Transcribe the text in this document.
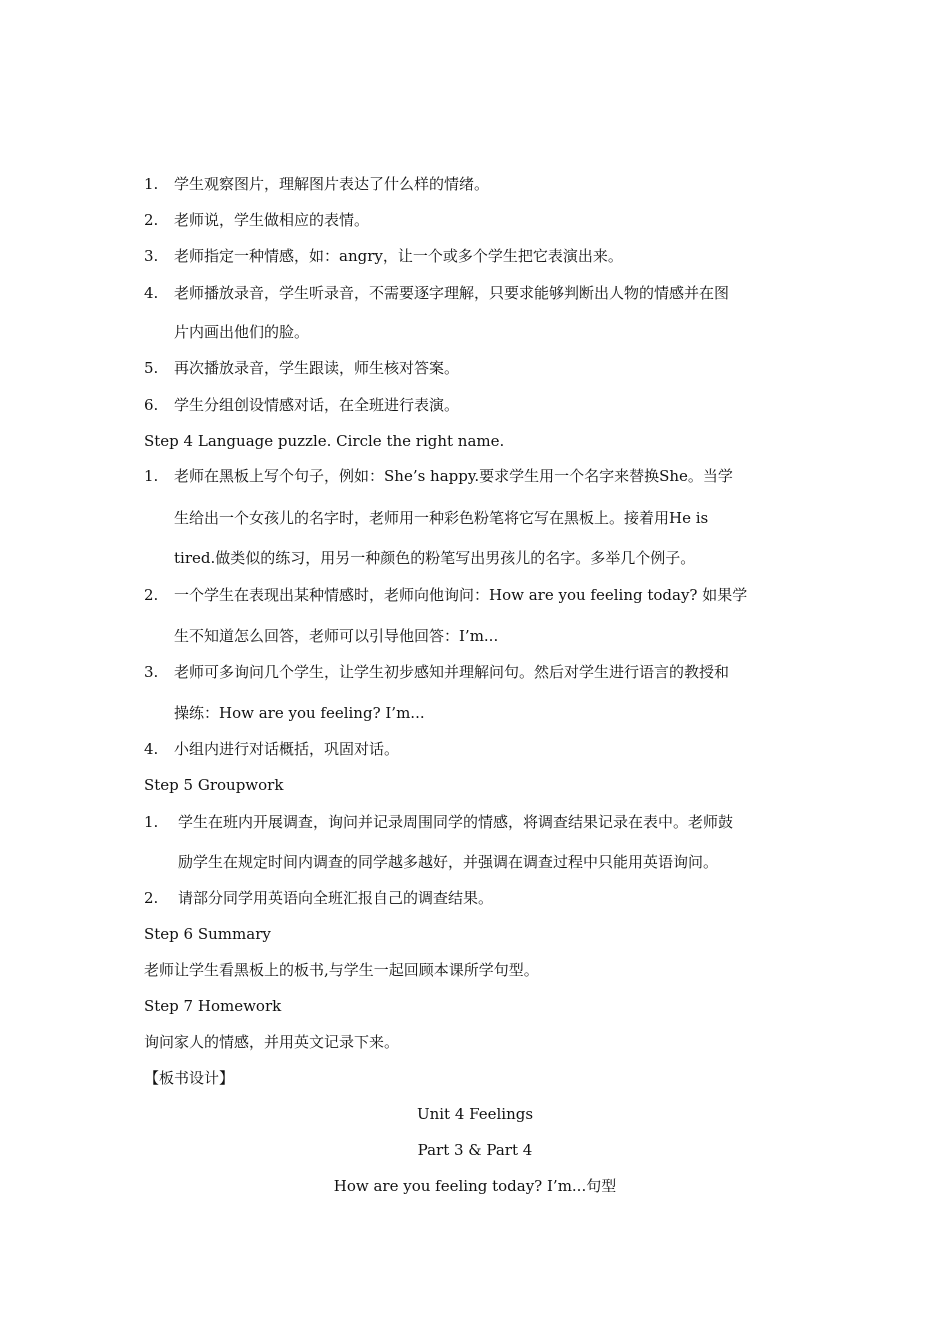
1. 学生观察图片，理解图片表达了什么样的情绪。
2. 老师说，学生做相应的表情。
3. 老师指定一种情感，如：angry，让一个或多个学生把它表演出来。
4. 老师播放录音，学生听录音，不需要逐字理解，只要求能够判断出人物的情感并在图
片内画出他们的脸。
5. 再次播放录音，学生跟读，师生核对答案。
6. 学生分组创设情感对话，在全班进行表演。
Step 4 Language puzzle. Circle the right name.
1. 老师在黑板上写个句子，例如：She’s happy.要求学生用一个名字来替换She。当学
生给出一个女孩儿的名字时，老师用一种彩色粉笔将它写在黑板上。接着用He is
tired.做类似的练习，用另一种颜色的粉笔写出男孩儿的名字。多举几个例子。
2. 一个学生在表现出某种情感时，老师向他询问：How are you feeling today? 如果学
生不知道怎么回答，老师可以引导他回答：I’m...
3. 老师可多询问几个学生，让学生初步感知并理解问句。然后对学生进行语言的教授和
操练：How are you feeling? I’m...
4. 小组内进行对话概括，巩固对话。
Step 5 Groupwork
1. 学生在班内开展调查，询问并记录周围同学的情感，将调查结果记录在表中。老师鼓
励学生在规定时间内调查的同学越多越好，并强调在调查过程中只能用英语询问。
2. 请部分同学用英语向全班汇报自己的调查结果。
Step 6 Summary
老师让学生看黑板上的板书,与学生一起回顾本课所学句型。
Step 7 Homework
询问家人的情感，并用英文记录下来。
【板书设计】
Unit 4 Feelings
Part 3 & Part 4
How are you feeling today? I’m...句型
